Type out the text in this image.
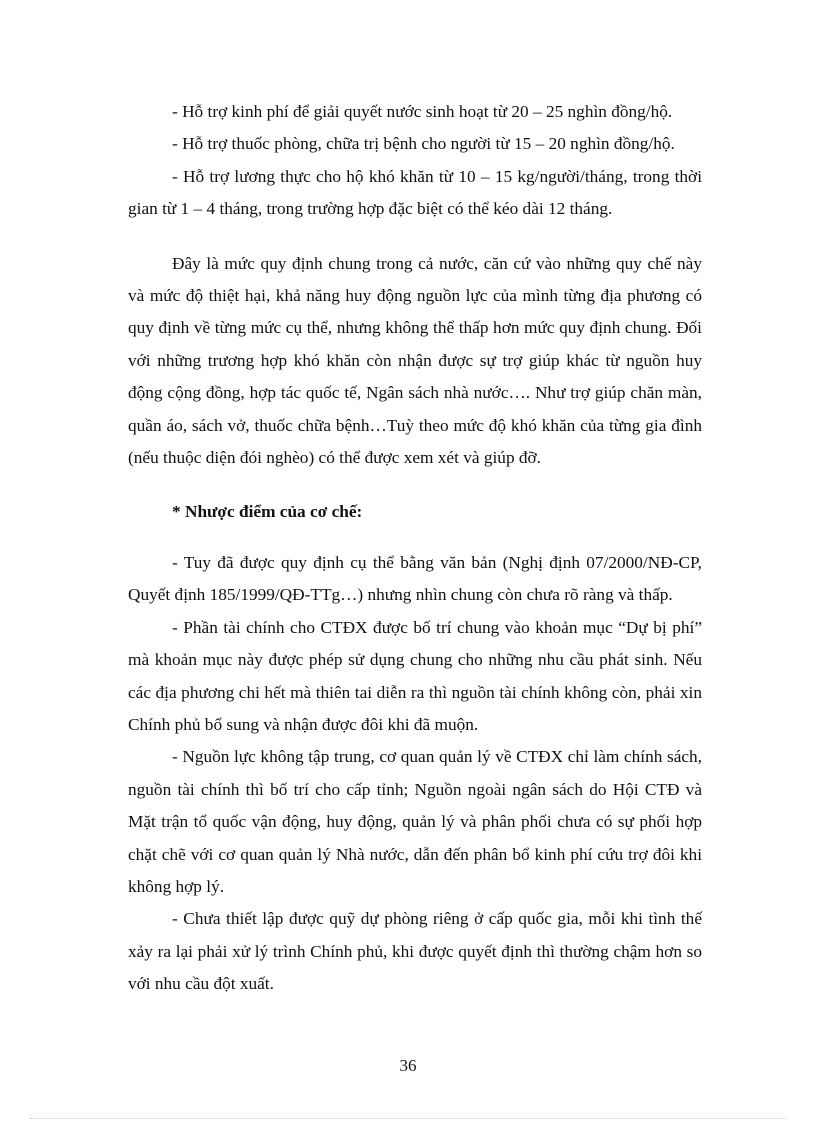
- Hỗ trợ kinh phí để giải quyết nước sinh hoạt từ 20 – 25 nghìn đồng/hộ.

- Hỗ trợ thuốc phòng, chữa trị bệnh cho người từ 15 – 20 nghìn đồng/hộ.

- Hỗ trợ lương thực cho hộ khó khăn từ 10 – 15 kg/người/tháng, trong thời gian từ 1 – 4 tháng, trong trường hợp đặc biệt có thể kéo dài 12 tháng.

Đây là mức quy định chung trong cả nước, căn cứ vào những quy chế này và mức độ thiệt hại, khả năng huy động nguồn lực của mình từng địa phương có quy định về từng mức cụ thể, nhưng không thể thấp hơn mức quy định chung. Đối với những trương hợp khó khăn còn nhận được sự trợ giúp khác từ nguồn huy động cộng đồng, hợp tác quốc tế, Ngân sách nhà nước…. Như trợ giúp chăn màn, quần áo, sách vở, thuốc chữa bệnh…Tuỳ theo mức độ khó khăn của từng gia đình (nếu thuộc diện đói nghèo) có thể được xem xét và giúp đỡ.

* Nhược điểm của cơ chế:

- Tuy đã được quy định cụ thể bằng văn bản (Nghị định 07/2000/NĐ-CP, Quyết định 185/1999/QĐ-TTg…) nhưng nhìn chung còn chưa rõ ràng và thấp.

- Phần tài chính cho CTĐX được bố trí chung vào khoản mục “Dự bị phí” mà khoản mục này được phép sử dụng chung cho những nhu cầu phát sinh. Nếu các địa phương chi hết mà thiên tai diễn ra thì nguồn tài chính không còn, phải xin Chính phủ bổ sung và nhận được đôi khi đã muộn.

- Nguồn lực không tập trung, cơ quan quản lý về CTĐX chỉ làm chính sách, nguồn tài chính thì bố trí cho cấp tỉnh; Nguồn ngoài ngân sách do Hội CTĐ và Mặt trận tổ quốc vận động, huy động, quản lý và phân phối chưa có sự phối hợp chặt chẽ với cơ quan quản lý Nhà nước, dẫn đến phân bổ kinh phí cứu trợ đôi khi không hợp lý.

- Chưa thiết lập được quỹ dự phòng riêng ở cấp quốc gia, mỗi khi tình thế xảy ra lại phải xử lý trình Chính phủ, khi được quyết định thì thường chậm hơn so với nhu cầu đột xuất.

36
